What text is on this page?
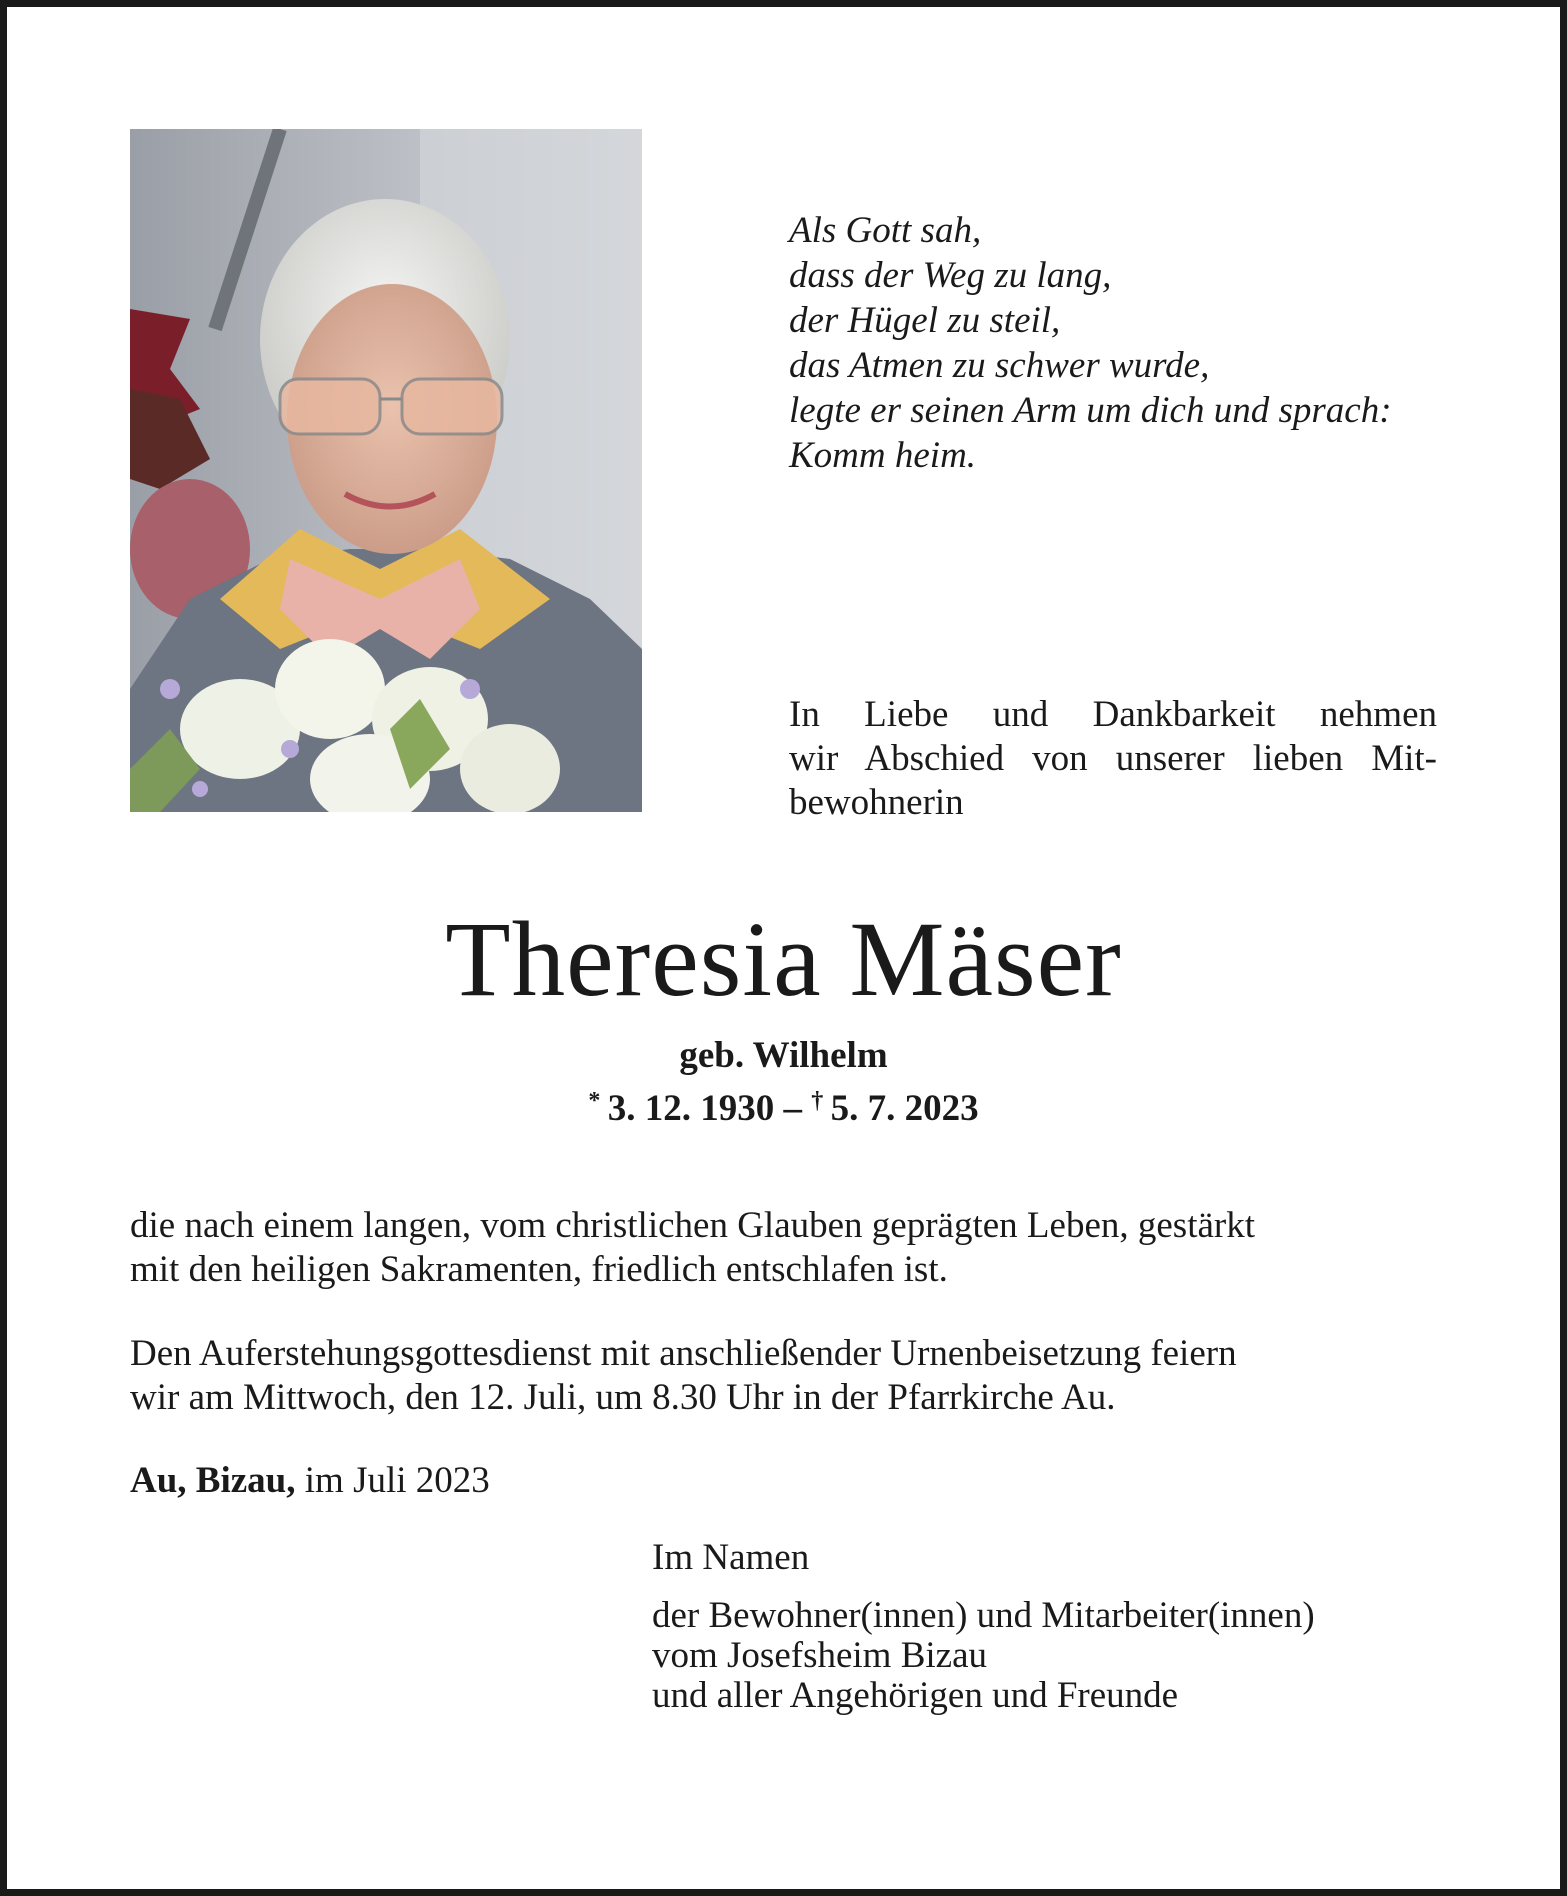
Als Gott sah,
dass der Weg zu lang,
der Hügel zu steil,
das Atmen zu schwer wurde,
legte er seinen Arm um dich und sprach:
Komm heim.
In Liebe und Dankbarkeit nehmen
wir Abschied von unserer lieben Mit-
bewohnerin
Theresia Mäser
geb. Wilhelm
*  3. 12. 1930 – †  5. 7. 2023
die nach einem langen, vom christlichen Glauben geprägten Leben, gestärkt
mit den heiligen Sakramenten, friedlich entschlafen ist.
Den Auferstehungsgottesdienst mit anschließender Urnenbeisetzung feiern
wir am Mittwoch, den 12. Juli, um 8.30 Uhr in der Pfarrkirche Au.
Au, Bizau, im Juli 2023
Im Namen
der Bewohner(innen) und Mitarbeiter(innen)
vom Josefsheim Bizau
und aller Angehörigen und Freunde
